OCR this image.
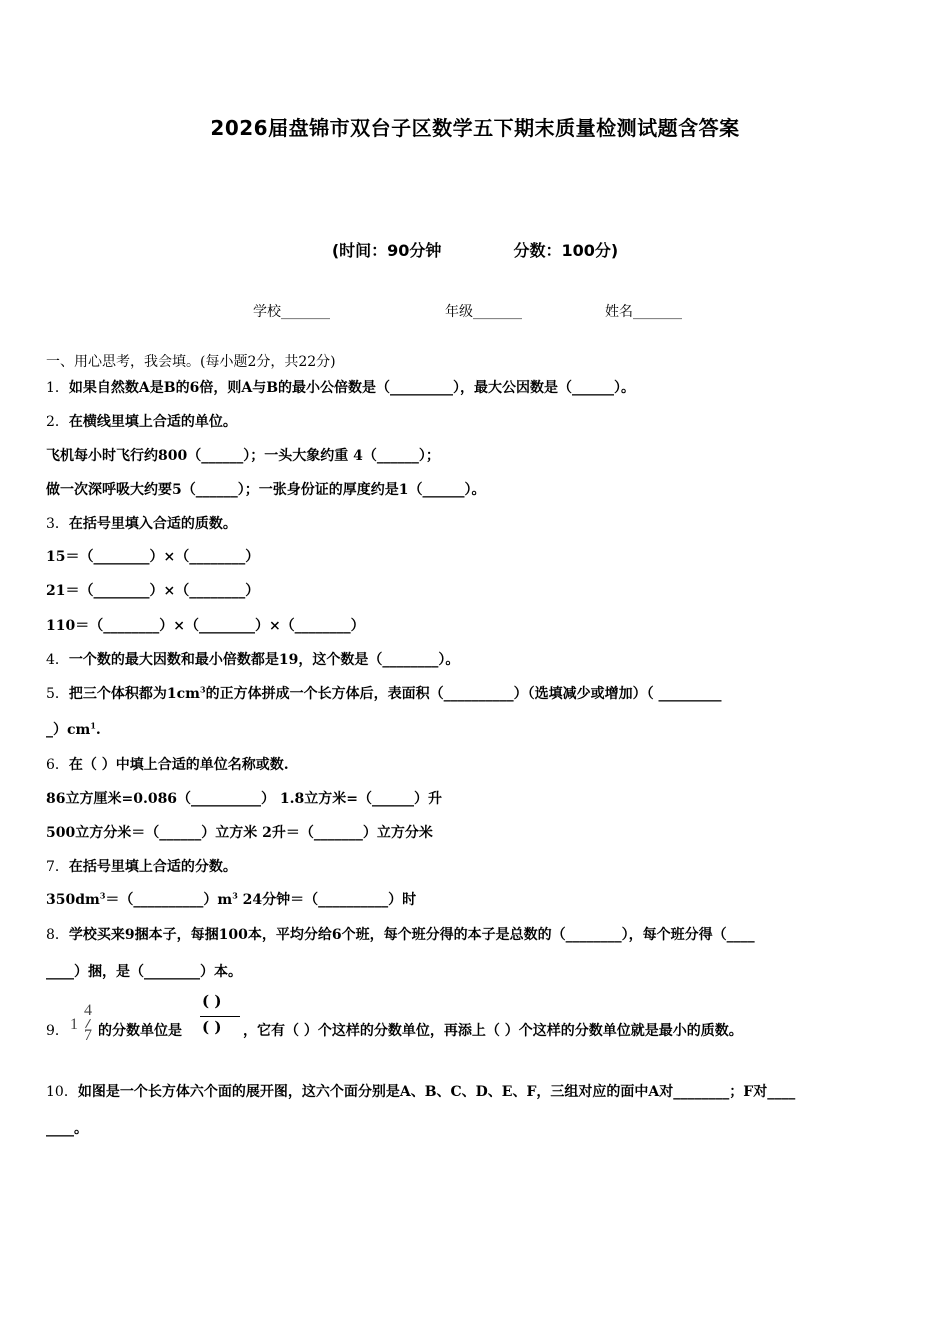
2026届盘锦市双台子区数学五下期末质量检测试题含答案
(时间：90分钟	分数：100分)
学校_______	年级_______	姓名_______
一、用心思考，我会填。(每小题2分，共22分)
1．如果自然数A是B的6倍，则A与B的最小公倍数是（_________），最大公因数是（______）。
2．在横线里填上合适的单位。
飞机每小时飞行约800（______）；一头大象约重 4（______）；
做一次深呼吸大约要5（______）；一张身份证的厚度约是1（______）。
3．在括号里填入合适的质数。
15＝（________）×（________）
21＝（________）×（________）
110＝（________）×（________）×（________）
4．一个数的最大因数和最小倍数都是19，这个数是（________）。
5．把三个体积都为$1cm^3$的正方体拼成一个长方体后，表面积（__________）（选填减少或增加）（ _________
$\_)cm^1$.
6．在（ ）中填上合适的单位名称或数.
86立方厘米=0.086（__________） 1.8立方米=（______）升
500立方分米＝（______）立方米 2升＝（_______）立方分米
7．在括号里填上合适的分数。
$350dm^3=(\_\_\_\_\_\_\_\_\_\_)m^3$ 24分钟＝（__________）时
8．学校买来9捆本子，每捆100本，平均分给6个班，每个班分得的本子是总数的（________），每个班分得（____
____）捆，是（________）本。
9． 1
4
7 的分数单位是
( )
( ) ，它有（ ）个这样的分数单位，再添上（ ）个这样的分数单位就是最小的质数。
10．如图是一个长方体六个面的展开图，这六个面分别是A、B、C、D、E、F，三组对应的面中A对________；F对____
____。
